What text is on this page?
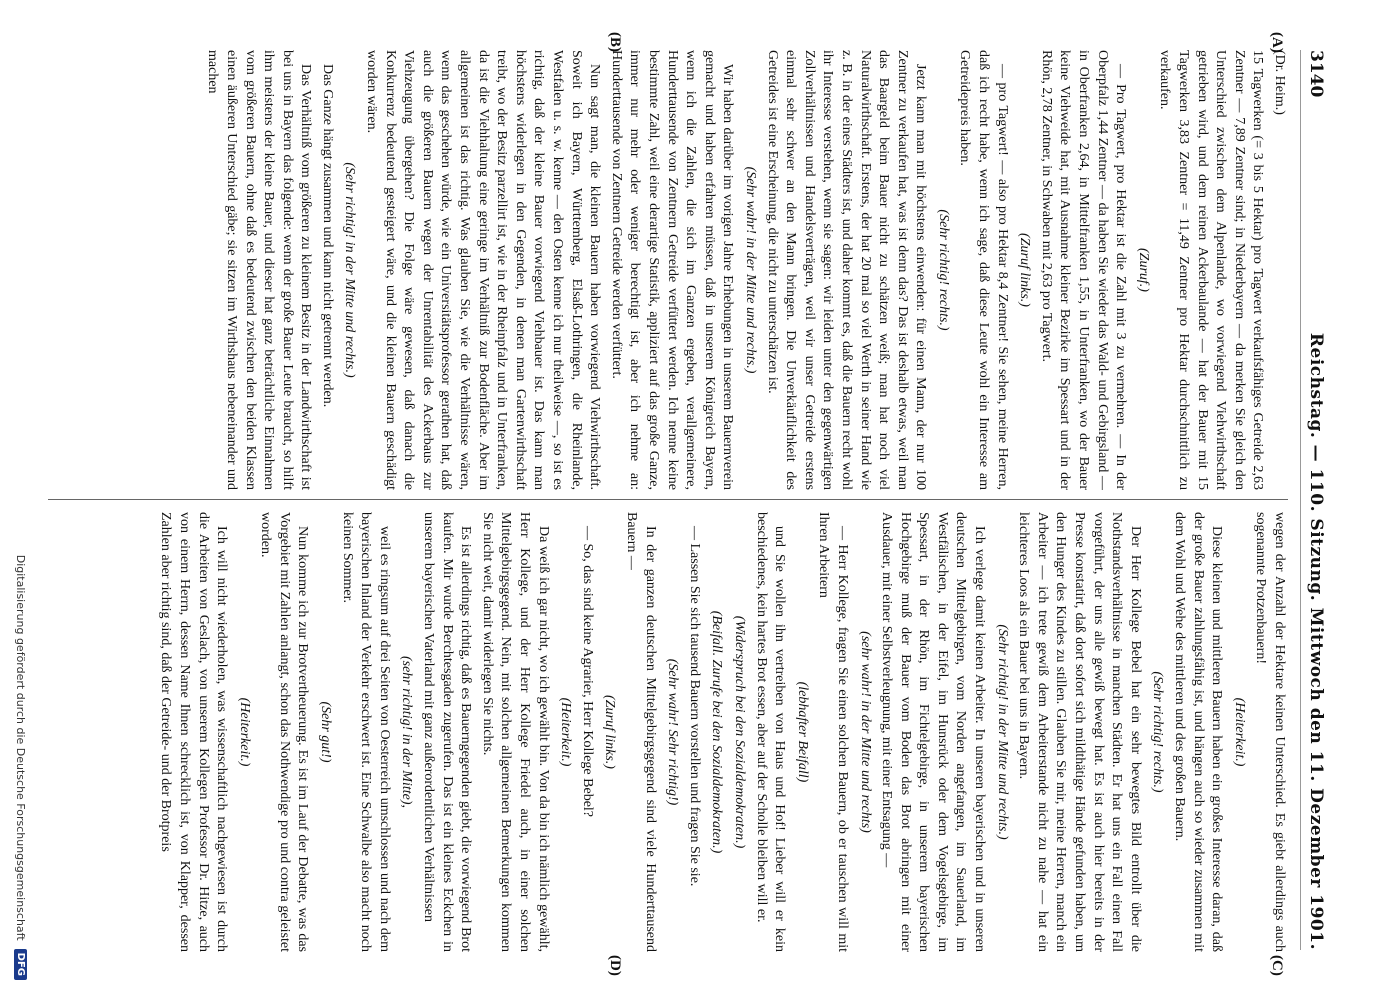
3140
Reichstag. — 110. Sitzung. Mittwoch den 11. Dezember 1901.
(A)
(B)
(C)
(D)

(Dr. Heim.)

15 Tagwerken (= 3 bis 5 Hektar) pro Tagwert verkaufsfähiges Getreide 2,63 Zentner — 7,89 Zentner sind; in Niederbayern — da merken Sie gleich den Unterschied zwischen dem Alpenlande, wo vorwiegend Viehwirthschaft getrieben wird, und dem reinen Ackerbaulande — hat der Bauer mit 15 Tagwerken 3,83 Zentner = 11,49 Zentner pro Hektar durchschnittlich zu verkaufen.

(Zuruf.)

— Pro Tagwert, pro Hektar ist die Zahl mit 3 zu vermehren. — In der Oberpfalz 1,44 Zentner — da haben Sie wieder das Wald- und Gebirgsland — in Oberfranken 2,64, in Mittelfranken 1,55, in Unterfranken, wo der Bauer keine Viehweide hat, mit Ausnahme kleiner Bezirke im Spessart und in der Rhön, 2,78 Zentner, in Schwaben mit 2,63 pro Tagwert.

(Zuruf links.)

— pro Tagwert! — also pro Hektar 8,4 Zentner! Sie sehen, meine Herren, daß ich recht habe, wenn ich sage, daß diese Leute wohl ein Interesse am Getreidepreis haben.

(Sehr richtig! rechts.)

Jetzt kann man mit höchstens einwenden: für einen Mann, der nur 100 Zentner zu verkaufen hat, was ist denn das? Das ist deshalb etwas, weil man das Baargeld beim Bauer nicht zu schätzen weiß; man hat noch viel Naturalwirthschaft. Erstens, der hat 20 mal so viel Werth in seiner Hand wie z. B. in der eines Städters ist, und daher kommt es, daß die Bauern recht wohl ihr Interesse verstehen, wenn sie sagen: wir leiden unter den gegenwärtigen Zollverhältnissen und Handelsverträgen, weil wir unser Getreide erstens einmal sehr schwer an den Mann bringen. Die Unverkäuflichkeit des Getreides ist eine Erscheinung, die nicht zu unterschätzen ist.

(Sehr wahr! in der Mitte und rechts.)

Wir haben darüber im vorigen Jahre Erhebungen in unserem Bauernverein gemacht und haben erfahren müssen, daß in unserem Königreich Bayern, wenn ich die Zahlen, die sich im Ganzen ergeben, verallgemeinere, Hunderttausende von Zentnern Getreide verfüttert werden. Ich nenne keine bestimmte Zahl, weil eine derartige Statistik, appliziert auf das große Ganze, immer nur mehr oder weniger berechtigt ist, aber ich nehme an: Hunderttausende von Zentnern Getreide werden verfüttert.

Nun sagt man, die kleinen Bauern haben vorwiegend Viehwirthschaft. Soweit ich Bayern, Württemberg, Elsaß-Lothringen, die Rheinlande, Westfalen u. s. w. kenne — den Osten kenne ich nur theilweise —, so ist es richtig, daß der kleine Bauer vorwiegend Viehbauer ist. Das kann man höchstens widerlegen in den Gegenden, in denen man Gartenwirthschaft treibt, wo der Besitz parzellirt ist, wie in der Rheinpfalz und in Unterfranken, da ist die Viehhaltung eine geringe im Verhältniß zur Bodenfläche. Aber im allgemeinen ist das richtig. Was glauben Sie, wie die Verhältnisse wären, wenn das geschehen würde, wie ein Universitätsprofessor gerathen hat, daß auch die größeren Bauern wegen der Unrentabilität des Ackerbaus zur Viehzeugung übergehen? Die Folge wäre gewesen, daß danach die Konkurrenz bedeutend gesteigert wäre, und die kleinen Bauern geschädigt worden wären.

(Sehr richtig! in der Mitte und rechts.)

Das Ganze hängt zusammen und kann nicht getrennt werden.

Das Verhältniß vom größeren zu kleinem Besitz in der Landwirthschaft ist bei uns in Bayern das folgende: wenn der große Bauer Leute braucht, so hilft ihm meistens der kleine Bauer, und dieser hat ganz beträchtliche Einnahmen vom größeren Bauern, ohne daß es bedeutend zwischen den beiden Klassen einen äußeren Unterschied gäbe; sie sitzen im Wirthshaus nebeneinander und machen

wegen der Anzahl der Hektare keinen Unterschied. Es giebt allerdings auch sogenannte Protzenbauern!

(Heiterkeit.)

Diese kleinen und mittleren Bauern haben ein großes Interesse daran, daß der große Bauer zahlungsfähig ist, und hängen auch so wieder zusammen mit dem Wohl und Wehe des mittleren und des großen Bauern.

(Sehr richtig! rechts.)

Der Herr Kollege Bebel hat ein sehr bewegtes Bild entrollt über die Nothstandsverhältnisse in manchen Städten. Er hat uns ein Fall einen Fall vorgeführt, der uns alle gewiß bewegt hat. Es ist auch hier bereits in der Presse konstatirt, daß dort sofort sich mildthätige Hände gefunden haben, um den Hunger des Kindes zu stillen. Glauben Sie mir, meine Herren, manch ein Arbeiter — ich trete gewiß dem Arbeiterstande nicht zu nahe — hat ein leichteres Loos als ein Bauer bei uns in Bayern.

(Sehr richtig! in der Mitte und rechts.)

Ich verlege damit keinen Arbeiter. In unseren bayerischen und in unseren deutschen Mittelgebirgen, vom Norden angefangen, im Sauerland, im Westfälischen, in der Eifel, im Hunsrück oder dem Vogelsgebirge, im Spessart, in der Rhön, im Fichtelgebirge, in unserem bayerischen Hochgebirge muß der Bauer vom Boden das Brot abringen mit einer Ausdauer, mit einer Selbstverleugnung, mit einer Entsagung —

(sehr wahr! in der Mitte und rechts)

— Herr Kollege, fragen Sie einen solchen Bauern, ob er tauschen will mit Ihren Arbeitern

(lebhafter Beifall)

und Sie wollen ihn vertreiben von Haus und Hof! Lieber will er kein beschiedenes, kein hartes Brot essen, aber auf der Scholle bleiben will er.

(Widerspruch bei den Sozialdemokraten.)

(Beifall. Zurufe bei den Sozialdemokraten.)

— Lassen Sie sich tausend Bauern vorstellen und fragen Sie sie.

(Sehr wahr! Sehr richtig!)

In der ganzen deutschen Mittelgebirgsgegend sind viele Hunderttausend Bauern —

(Zuruf links.)

— So, das sind keine Agrarier, Herr Kollege Bebel?

(Heiterkeit.)

Da weiß ich gar nicht, wo ich gewählt bin. Von da bin ich nämlich gewählt, Herr Kollege, und der Herr Kollege Friedel auch, in einer solchen Mittelgebirgsgegend. Nein, mit solchen allgemeinen Bemerkungen kommen Sie nicht weit, damit widerlegen Sie nichts.

Es ist allerdings richtig, daß es Bauerngegenden giebt, die vorwiegend Brot kaufen. Mir wurde Berchtesgaden zugerufen. Das ist ein kleines Eckchen in unserem bayerischen Vaterland mit ganz außerordentlichen Verhältnissen

(sehr richtig! in der Mitte),

weil es ringsum auf drei Seiten von Oesterreich umschlossen und nach dem bayerischen Inland der Verkehr erschwert ist. Eine Schwalbe also macht noch keinen Sommer.

(Sehr gut!)

Nun komme ich zur Brotvertheuerung. Es ist im Lauf der Debatte, was das Vorgebiet mit Zahlen anlangt, schon das Nothwendige pro und contra geleistet worden.

(Heiterkeit.)

Ich will nicht wiederholen, was wissenschaftlich nachgewiesen ist durch die Arbeiten von Geslach, von unserem Kollegen Professor Dr. Hitze, auch von einem Herrn, dessen Name Ihnen schrecklich ist, von Klapper, dessen Zahlen aber richtig sind, daß der Getreide- und der Brotpreis

Digitalisierung gefördert durch die Deutsche Forschungsgemeinschaft
DFG
